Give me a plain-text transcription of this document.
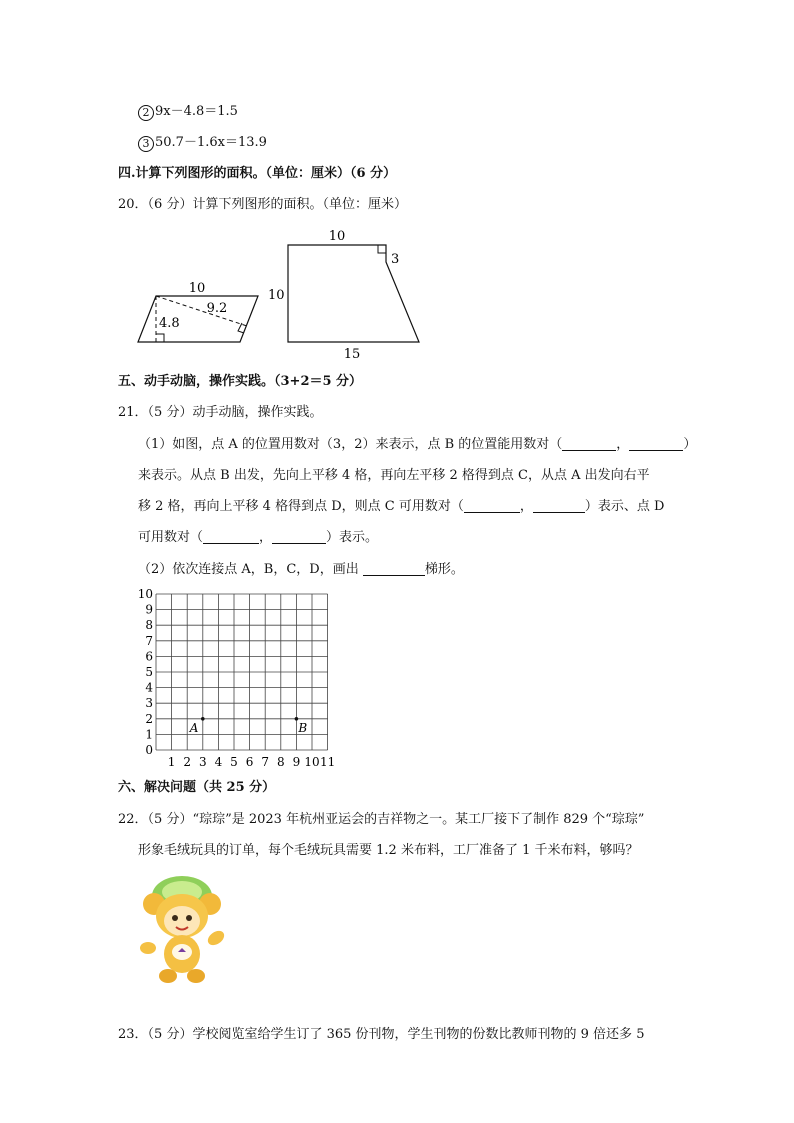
2 9x－4.8＝1.5
3 50.7－1.6x＝13.9
四.计算下列图形的面积。（单位：厘米）（6 分）
20．（6 分）计算下列图形的面积。（单位：厘米）
10
9.2
4.8
10
10
3
15
五、动手动脑，操作实践。（3+2＝5 分）
21．（5 分）动手动脑，操作实践。
（1）如图，点 A 的位置用数对（3，2）来表示，点 B 的位置能用数对（	，	）
来表示。从点 B 出发，先向上平移 4 格，再向左平移 2 格得到点 C，从点 A 出发向右平
移 2 格，再向上平移 4 格得到点 D，则点 C 可用数对（	，	）表示、点 D
可用数对（	，	）表示。
（2）依次连接点 A，B，C，D，画出	梯形。
10
9
8
7
6
5
4
3
2
1
0
1 2 3 4 5 6 7 8 9 10 11
A	B
六、解决问题（共 25 分）
22．（5 分）“琮琮”是 2023 年杭州亚运会的吉祥物之一。某工厂接下了制作 829 个“琮琮”
形象毛绒玩具的订单，每个毛绒玩具需要 1.2 米布料，工厂准备了 1 千米布料，够吗？
23．（5 分）学校阅览室给学生订了 365 份刊物，学生刊物的份数比教师刊物的 9 倍还多 5
